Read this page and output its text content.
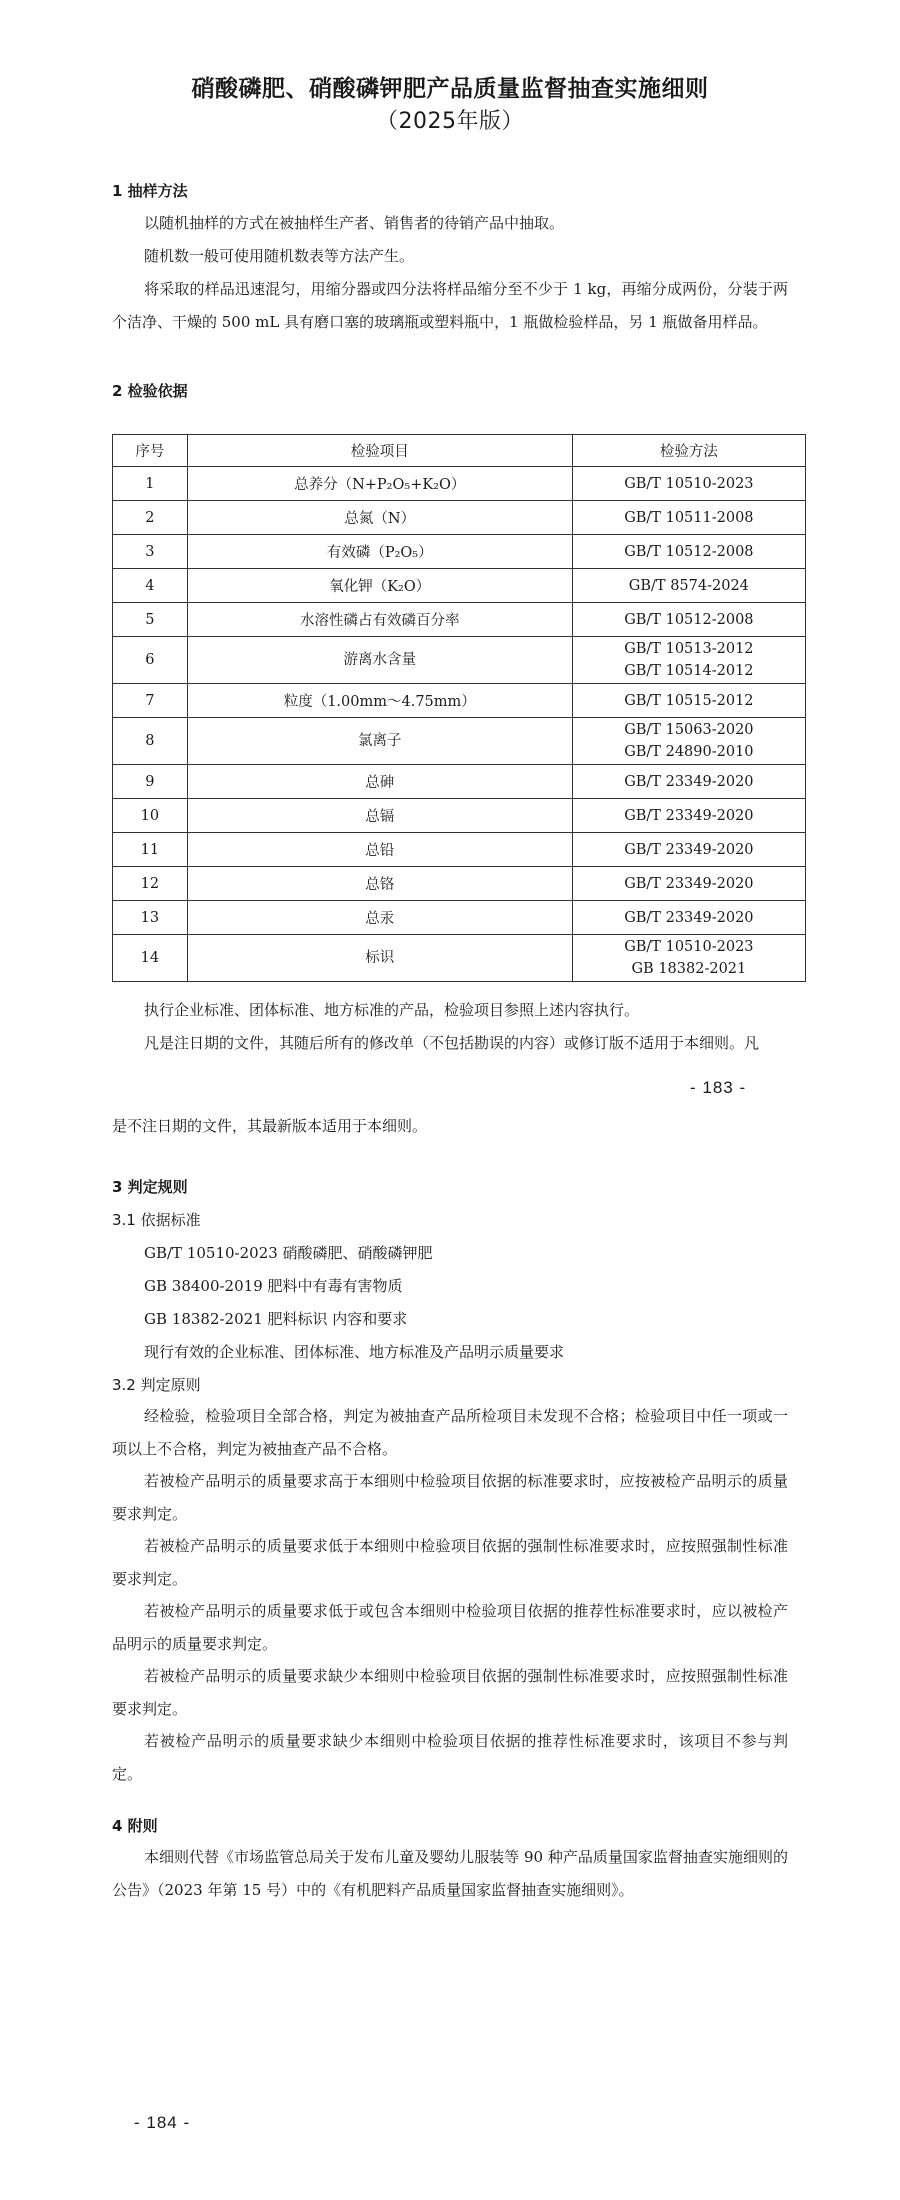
硝酸磷肥、硝酸磷钾肥产品质量监督抽查实施细则
（2025年版）
1 抽样方法
以随机抽样的方式在被抽样生产者、销售者的待销产品中抽取。
随机数一般可使用随机数表等方法产生。
将采取的样品迅速混匀，用缩分器或四分法将样品缩分至不少于 1 kg，再缩分成两份，分装于两个洁净、干燥的 500 mL 具有磨口塞的玻璃瓶或塑料瓶中，1 瓶做检验样品，另 1 瓶做备用样品。
2 检验依据
序号	检验项目	检验方法
1	总养分（N+P₂O₅+K₂O）	GB/T 10510-2023

2	总氮（N）	GB/T 10511-2008

3	有效磷（P₂O₅）	GB/T 10512-2008

4	氧化钾（K₂O）	GB/T 8574-2024

5	水溶性磷占有效磷百分率	GB/T 10512-2008

6	游离水含量	GB/T 10513-2012
GB/T 10514-2012

7	粒度（1.00mm～4.75mm）	GB/T 10515-2012

8	氯离子	GB/T 15063-2020
GB/T 24890-2010

9	总砷	GB/T 23349-2020

10	总镉	GB/T 23349-2020

11	总铅	GB/T 23349-2020

12	总铬	GB/T 23349-2020

13	总汞	GB/T 23349-2020

14	标识	GB/T 10510-2023
GB 18382-2021
执行企业标准、团体标准、地方标准的产品，检验项目参照上述内容执行。
凡是注日期的文件，其随后所有的修改单（不包括勘误的内容）或修订版不适用于本细则。凡
- 183 -
是不注日期的文件，其最新版本适用于本细则。
3 判定规则
3.1 依据标准
GB/T 10510-2023 硝酸磷肥、硝酸磷钾肥
GB 38400-2019 肥料中有毒有害物质
GB 18382-2021 肥料标识 内容和要求
现行有效的企业标准、团体标准、地方标准及产品明示质量要求
3.2 判定原则
经检验，检验项目全部合格，判定为被抽查产品所检项目未发现不合格；检验项目中任一项或一项以上不合格，判定为被抽查产品不合格。
若被检产品明示的质量要求高于本细则中检验项目依据的标准要求时，应按被检产品明示的质量要求判定。
若被检产品明示的质量要求低于本细则中检验项目依据的强制性标准要求时，应按照强制性标准要求判定。
若被检产品明示的质量要求低于或包含本细则中检验项目依据的推荐性标准要求时，应以被检产品明示的质量要求判定。
若被检产品明示的质量要求缺少本细则中检验项目依据的强制性标准要求时，应按照强制性标准要求判定。
若被检产品明示的质量要求缺少本细则中检验项目依据的推荐性标准要求时，该项目不参与判定。
4 附则
本细则代替《市场监管总局关于发布儿童及婴幼儿服装等 90 种产品质量国家监督抽查实施细则的公告》（2023 年第 15 号）中的《有机肥料产品质量国家监督抽查实施细则》。
- 184 -
